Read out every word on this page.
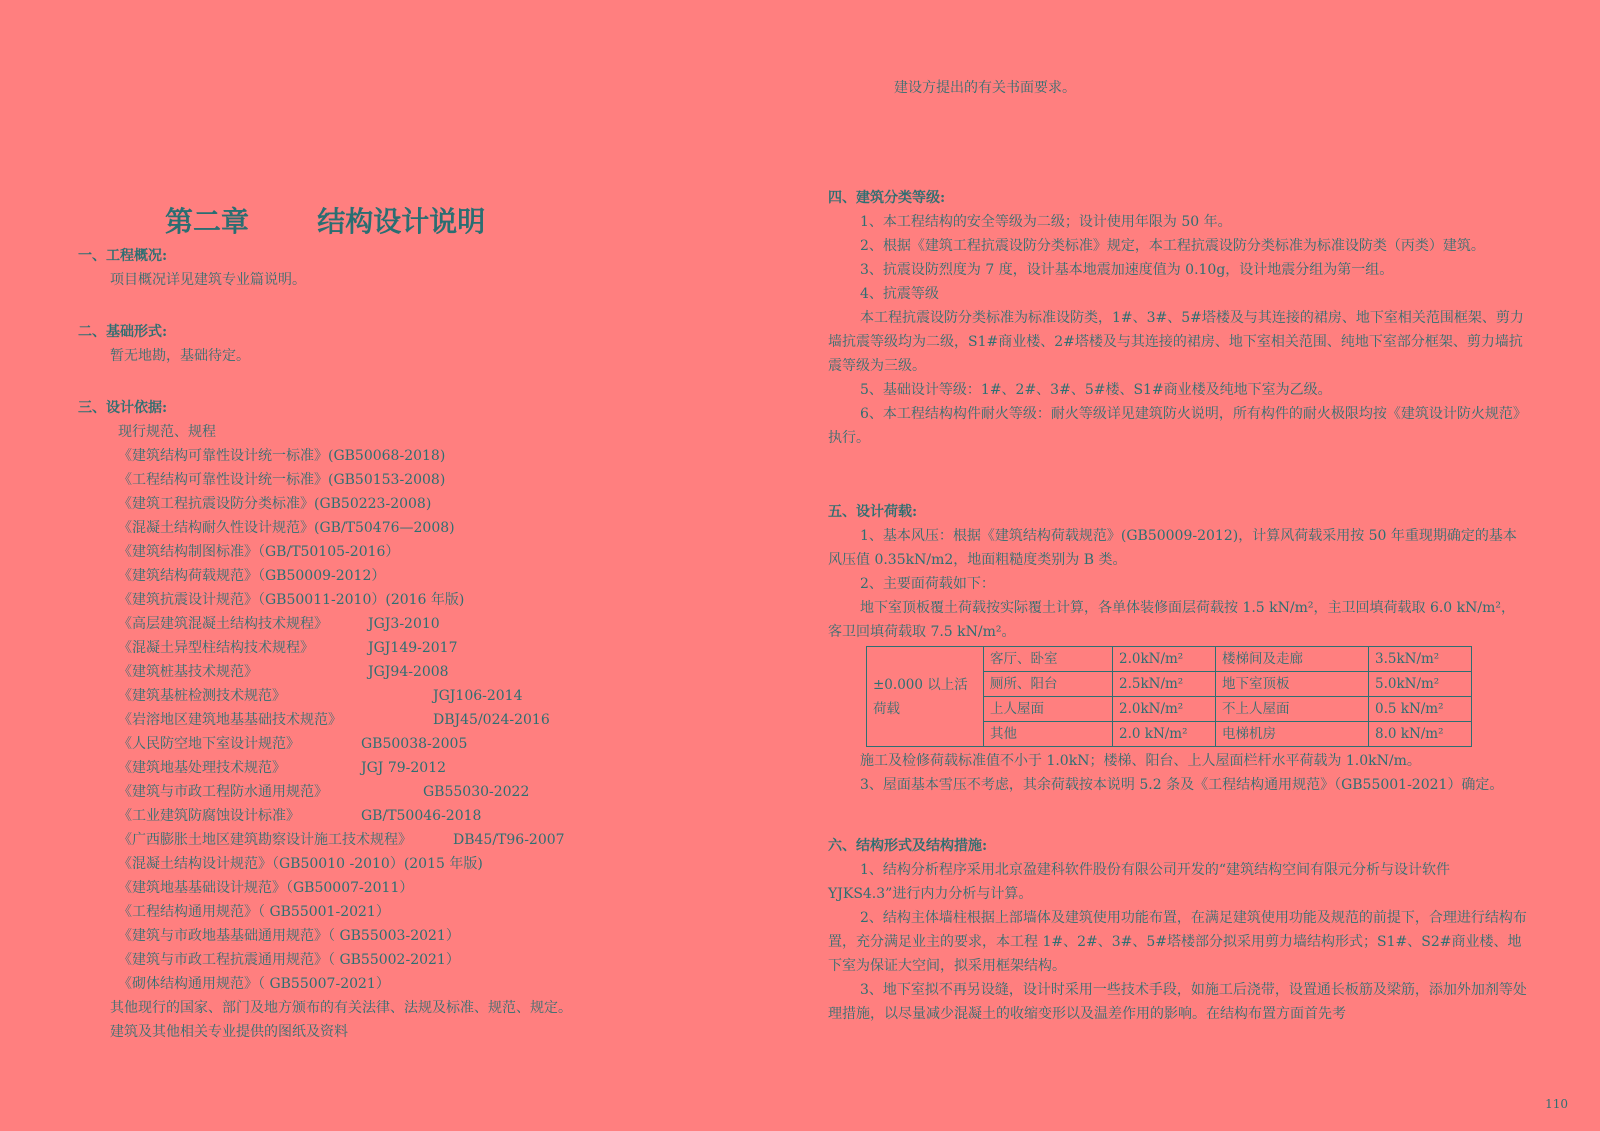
第二章       结构设计说明
一、工程概况:
项目概况详见建筑专业篇说明。
二、基础形式:
暂无地勘，基础待定。
三、设计依据:
现行规范、规程
《建筑结构可靠性设计统一标准》(GB50068-2018)
《工程结构可靠性设计统一标准》(GB50153-2008)
《建筑工程抗震设防分类标准》(GB50223-2008)
《混凝土结构耐久性设计规范》(GB/T50476—2008)
《建筑结构制图标准》（GB/T50105-2016）
《建筑结构荷载规范》（GB50009-2012）
《建筑抗震设计规范》（GB50011-2010）(2016 年版)
《高层建筑混凝土结构技术规程》	JGJ3-2010
《混凝土异型柱结构技术规程》	JGJ149-2017
《建筑桩基技术规范》	JGJ94-2008
《建筑基桩检测技术规范》	JGJ106-2014
《岩溶地区建筑地基基础技术规范》	DBJ45/024-2016
《人民防空地下室设计规范》	GB50038-2005
《建筑地基处理技术规范》	JGJ 79-2012
《建筑与市政工程防水通用规范》	GB55030-2022
《工业建筑防腐蚀设计标准》	GB/T50046-2018
《广西膨胀土地区建筑勘察设计施工技术规程》	DB45/T96-2007
《混凝土结构设计规范》（GB50010 -2010）(2015 年版)
《建筑地基基础设计规范》（GB50007-2011）
《工程结构通用规范》（ GB55001-2021）
《建筑与市政地基基础通用规范》（ GB55003-2021）
《建筑与市政工程抗震通用规范》（ GB55002-2021）
《砌体结构通用规范》（ GB55007-2021）
其他现行的国家、部门及地方颁布的有关法律、法规及标准、规范、规定。
建筑及其他相关专业提供的图纸及资料
建设方提出的有关书面要求。
四、建筑分类等级:
1、本工程结构的安全等级为二级；设计使用年限为 50 年。
2、根据《建筑工程抗震设防分类标准》规定，本工程抗震设防分类标准为标准设防类（丙类）建筑。
3、抗震设防烈度为 7 度，设计基本地震加速度值为 0.10g，设计地震分组为第一组。
4、抗震等级
本工程抗震设防分类标准为标准设防类，1#、3#、5#塔楼及与其连接的裙房、地下室相关范围框架、剪力墙抗震等级均为二级，S1#商业楼、2#塔楼及与其连接的裙房、地下室相关范围、纯地下室部分框架、剪力墙抗震等级为三级。
5、基础设计等级：1#、2#、3#、5#楼、S1#商业楼及纯地下室为乙级。
6、本工程结构构件耐火等级：耐火等级详见建筑防火说明，所有构件的耐火极限均按《建筑设计防火规范》执行。
五、设计荷载:
1、基本风压：根据《建筑结构荷载规范》(GB50009-2012)，计算风荷载采用按 50 年重现期确定的基本风压值 0.35kN/m2，地面粗糙度类别为 B 类。
2、主要面荷载如下：
地下室顶板覆土荷载按实际覆土计算，各单体装修面层荷载按 1.5 kN/m²，主卫回填荷载取 6.0 kN/m²，客卫回填荷载取 7.5 kN/m²。
±0.000 以上活荷载	客厅、卧室	2.0kN/m²	楼梯间及走廊	3.5kN/m²
	厕所、阳台	2.5kN/m²	地下室顶板	5.0kN/m²
	上人屋面	2.0kN/m²	不上人屋面	0.5 kN/m²
	其他	2.0 kN/m²	电梯机房	8.0 kN/m²
施工及检修荷载标准值不小于 1.0kN；楼梯、阳台、上人屋面栏杆水平荷载为 1.0kN/m。
3、屋面基本雪压不考虑，其余荷载按本说明 5.2 条及《工程结构通用规范》（GB55001-2021）确定。
六、结构形式及结构措施:
1、结构分析程序采用北京盈建科软件股份有限公司开发的“建筑结构空间有限元分析与设计软件 YJKS4.3”进行内力分析与计算。
2、结构主体墙柱根据上部墙体及建筑使用功能布置，在满足建筑使用功能及规范的前提下，合理进行结构布置，充分满足业主的要求，本工程 1#、2#、3#、5#塔楼部分拟采用剪力墙结构形式；S1#、S2#商业楼、地下室为保证大空间，拟采用框架结构。
3、地下室拟不再另设缝，设计时采用一些技术手段，如施工后浇带，设置通长板筋及梁筋，添加外加剂等处理措施，以尽量减少混凝土的收缩变形以及温差作用的影响。在结构布置方面首先考
110
